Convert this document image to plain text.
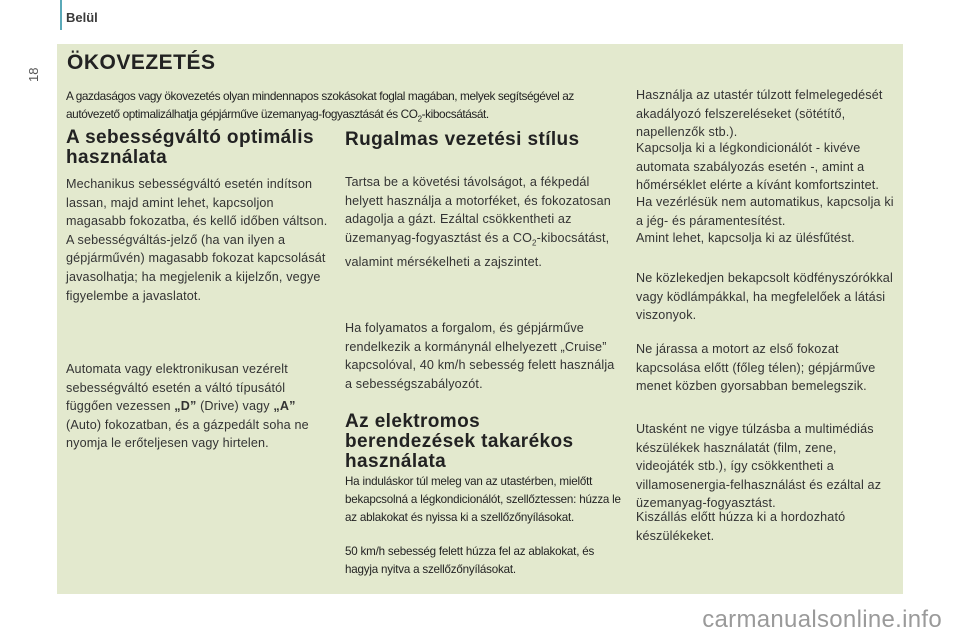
Belül
18
ÖKOVEZETÉS
A gazdaságos vagy ökovezetés olyan mindennapos szokásokat foglal magában, melyek segítségével az autóvezető optimalizálhatja gépjárműve üzemanyag-fogyasztását és $CO_2$-kibocsátását.
A sebességváltó optimális használata

Mechanikus sebességváltó esetén indítson lassan, majd amint lehet, kapcsoljon magasabb fokozatba, és kellő időben váltson. A sebességváltás-jelző (ha van ilyen a gépjárművén) magasabb fokozat kapcsolását javasolhatja; ha megjelenik a kijelzőn, vegye figyelembe a javaslatot.

Automata vagy elektronikusan vezérelt sebességváltó esetén a váltó típusától függően vezessen „D” (Drive) vagy „A” (Auto) fokozatban, és a gázpedált soha ne nyomja le erőteljesen vagy hirtelen.

Rugalmas vezetési stílus

Tartsa be a követési távolságot, a fékpedál helyett használja a motorféket, és fokozatosan adagolja a gázt. Ezáltal csökkentheti az üzemanyag-fogyasztást és a $CO_2$-kibocsátást, valamint mérsékelheti a zajszintet.

Ha folyamatos a forgalom, és gépjárműve rendelkezik a kormánynál elhelyezett „Cruise” kapcsolóval, 40 km/h sebesség felett használja a sebességszabályozót.

Az elektromos berendezések takarékos használata

Ha induláskor túl meleg van az utastérben, mielőtt bekapcsolná a légkondicionálót, szellőztessen: húzza le az ablakokat és nyissa ki a szellőzőnyílásokat.

50 km/h sebesség felett húzza fel az ablakokat, és hagyja nyitva a szellőzőnyílásokat.

Használja az utastér túlzott felmelegedését akadályozó felszereléseket (sötétítő, napellenzők stb.).

Kapcsolja ki a légkondicionálót - kivéve automata szabályozás esetén -, amint a hőmérséklet elérte a kívánt komfortszintet.

Ha vezérlésük nem automatikus, kapcsolja ki a jég- és páramentesítést.

Amint lehet, kapcsolja ki az ülésfűtést.

Ne közlekedjen bekapcsolt ködfényszórókkal vagy ködlámpákkal, ha megfelelőek a látási viszonyok.

Ne járassa a motort az első fokozat kapcsolása előtt (főleg télen); gépjárműve menet közben gyorsabban bemelegszik.

Utasként ne vigye túlzásba a multimédiás készülékek használatát (film, zene, videojáték stb.), így csökkentheti a villamosenergia-felhasználást és ezáltal az üzemanyag-fogyasztást.

Kiszállás előtt húzza ki a hordozható készülékeket.

carmanualsonline.info
